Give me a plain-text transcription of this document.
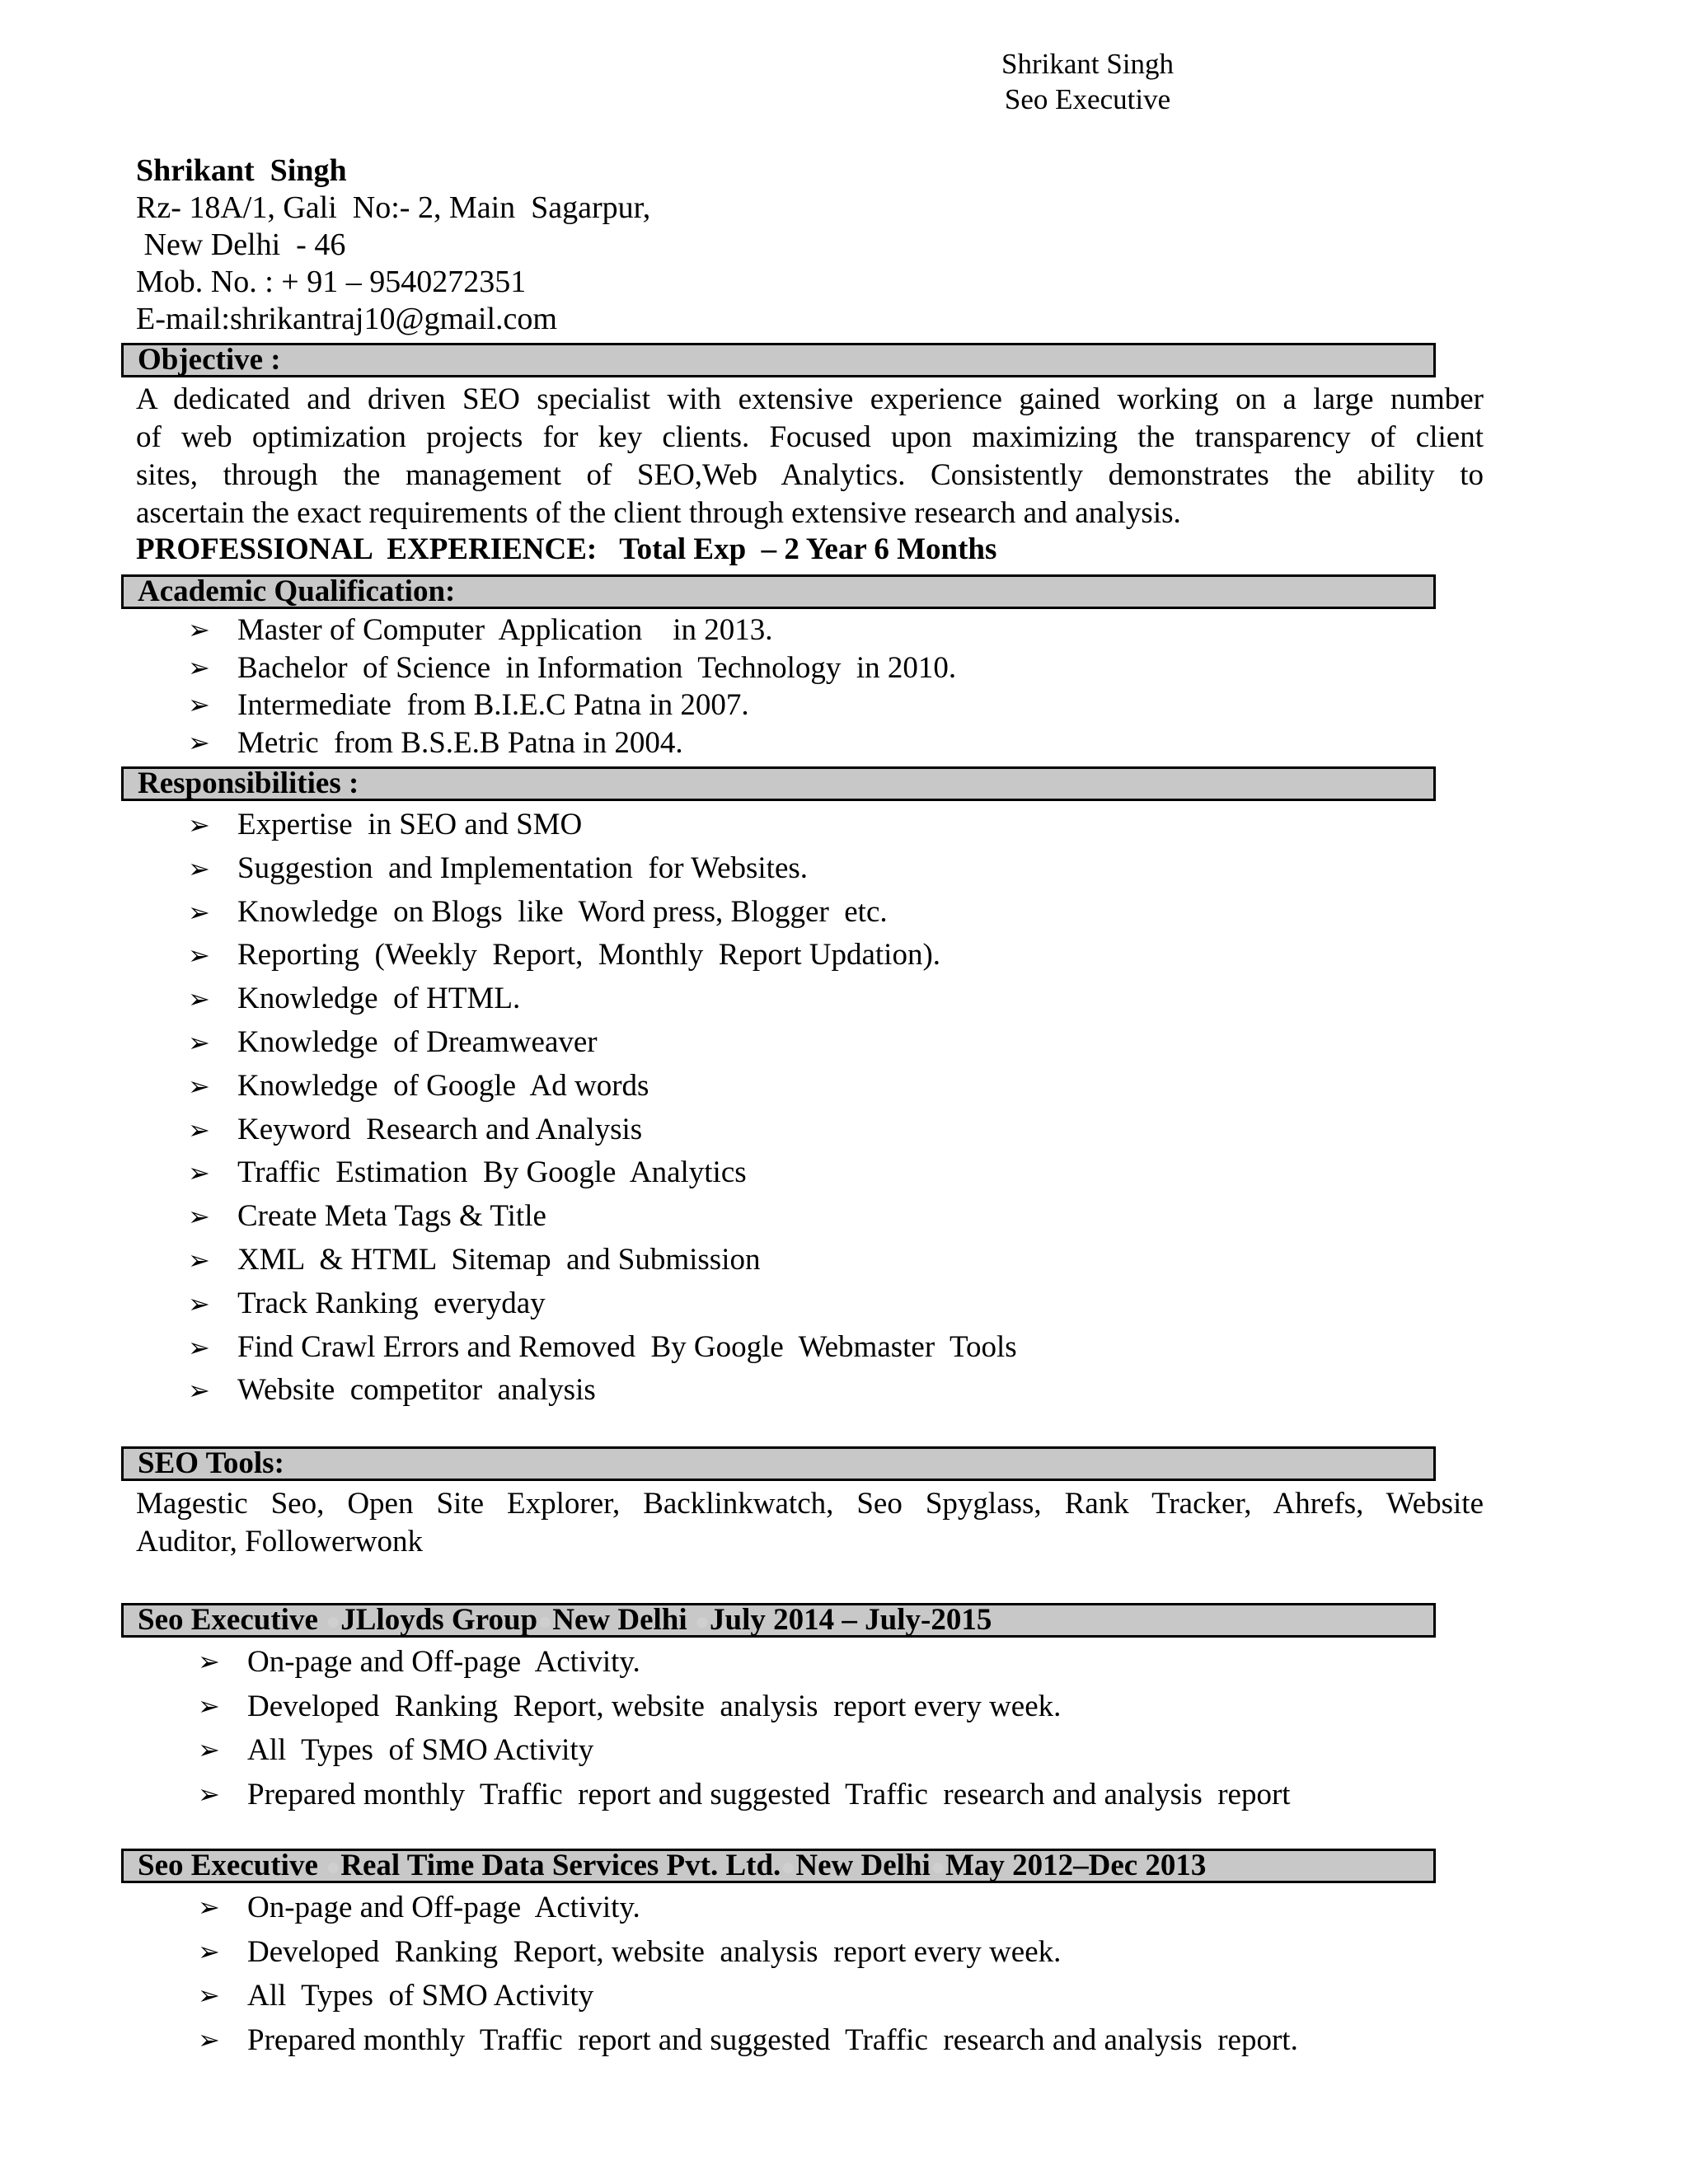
Shrikant Singh
Seo Executive
Shrikant  Singh
Rz- 18A/1, Gali  No:- 2, Main  Sagarpur,
New Delhi  - 46
Mob. No. : + 91 – 9540272351
E-mail:shrikantraj10@gmail.com
Objective :
A dedicated and driven SEO specialist with extensive experience gained working on a large number
of web optimization projects for key clients. Focused upon maximizing the transparency of client
sites, through the management of SEO,Web Analytics. Consistently demonstrates the ability to
ascertain the exact requirements of the client through extensive research and analysis.
PROFESSIONAL  EXPERIENCE:   Total Exp  – 2 Year 6 Months
Academic Qualification:
➢ Master of Computer  Application    in 2013.
➢ Bachelor  of Science  in Information  Technology  in 2010.
➢ Intermediate  from B.I.E.C Patna in 2007.
➢ Metric  from B.S.E.B Patna in 2004.
Responsibilities :
➢ Expertise  in SEO and SMO
➢ Suggestion  and Implementation  for Websites.
➢ Knowledge  on Blogs  like  Word press, Blogger  etc.
➢ Reporting  (Weekly  Report,  Monthly  Report Updation).
➢ Knowledge  of HTML.
➢ Knowledge  of Dreamweaver
➢ Knowledge  of Google  Ad words
➢ Keyword  Research and Analysis
➢ Traffic  Estimation  By Google  Analytics
➢ Create Meta Tags & Title
➢ XML  & HTML  Sitemap  and Submission
➢ Track Ranking  everyday
➢ Find Crawl Errors and Removed  By Google  Webmaster  Tools
➢ Website  competitor  analysis
SEO Tools:
Magestic Seo, Open Site Explorer, Backlinkwatch, Seo Spyglass, Rank Tracker, Ahrefs, Website
Auditor, Followerwonk
Seo Executive ●JLloyds Group●New Delhi ●July 2014 – July-2015
➢ On-page and Off-page  Activity.
➢ Developed  Ranking  Report, website  analysis  report every week.
➢ All  Types  of SMO Activity
➢ Prepared monthly  Traffic  report and suggested  Traffic  research and analysis  report
Seo Executive ●Real Time Data Services Pvt. Ltd.●New Delhi●May 2012–Dec 2013
➢ On-page and Off-page  Activity.
➢ Developed  Ranking  Report, website  analysis  report every week.
➢ All  Types  of SMO Activity
➢ Prepared monthly  Traffic  report and suggested  Traffic  research and analysis  report.
